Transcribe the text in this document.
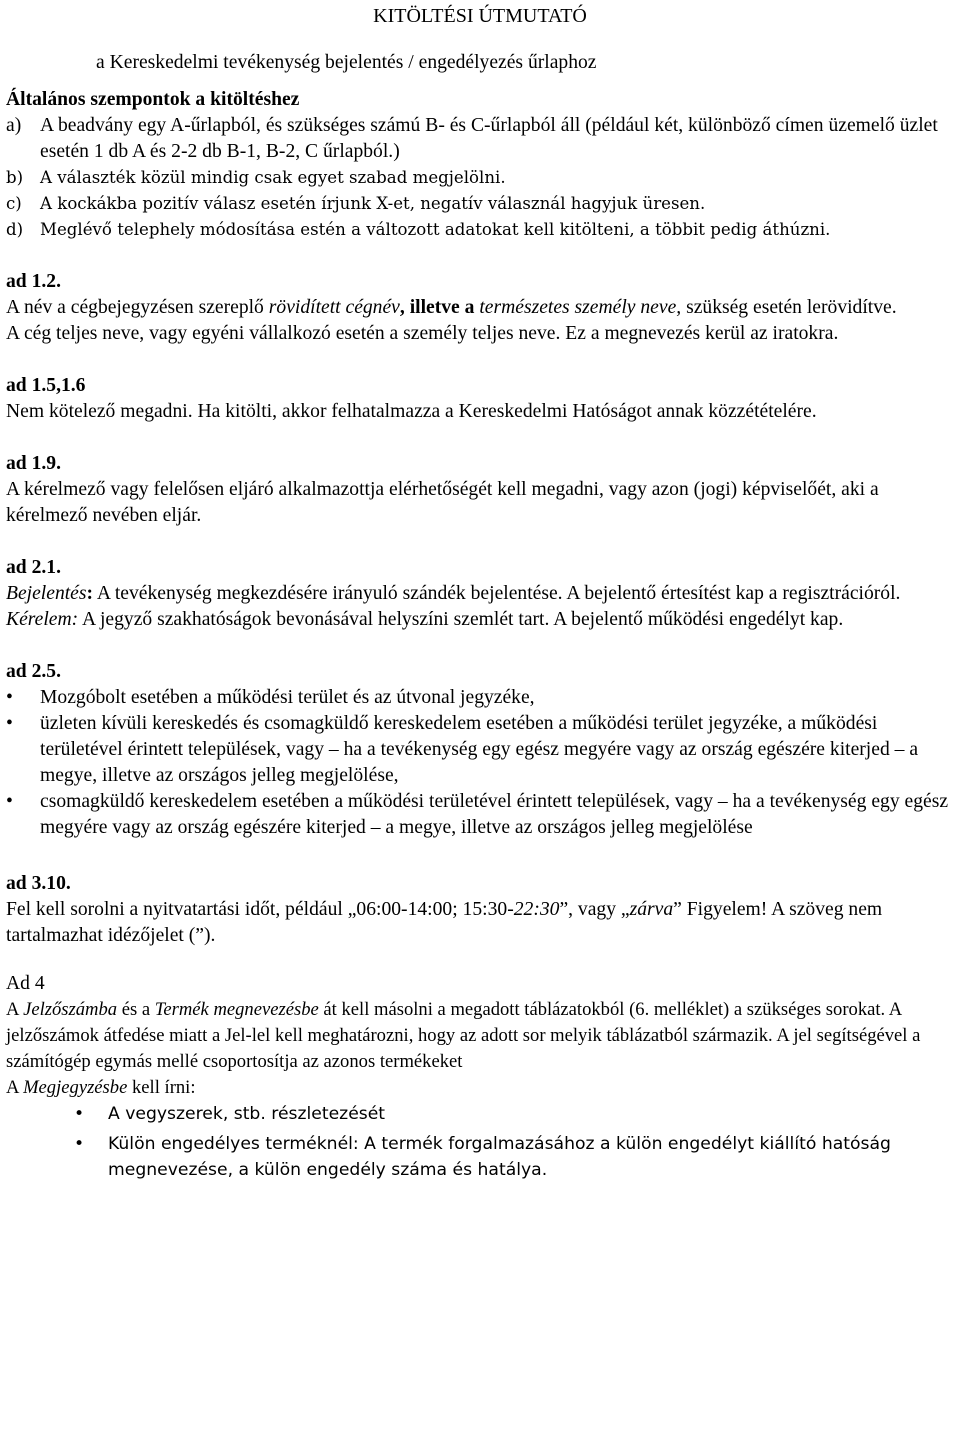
KITÖLTÉSI ÚTMUTATÓ

a Kereskedelmi tevékenység bejelentés / engedélyezés űrlaphoz

Általános szempontok a kitöltéshez

a) A beadvány egy A-űrlapból, és szükséges számú B- és C-űrlapból áll (például két, különböző címen üzemelő üzlet esetén 1 db A és 2-2 db B-1, B-2, C űrlapból.)
b)	A választék közül mindig csak egyet szabad megjelölni.
c)	A kockákba pozitív válasz esetén írjunk X-et, negatív válasznál hagyjuk üresen.
d)	Meglévő telephely módosítása estén a változott adatokat kell kitölteni, a többit pedig áthúzni.

ad 1.2.

A név a cégbejegyzésen szereplő rövidített cégnév, illetve a természetes személy neve, szükség esetén lerövidítve.

A cég teljes neve, vagy egyéni vállalkozó esetén a személy teljes neve. Ez a megnevezés kerül az iratokra.

ad 1.5,1.6

Nem kötelező megadni. Ha kitölti, akkor felhatalmazza a Kereskedelmi Hatóságot annak közzétételére.

ad 1.9.

A kérelmező vagy felelősen eljáró alkalmazottja elérhetőségét kell megadni, vagy azon (jogi) képviselőét, aki a kérelmező nevében eljár.

ad 2.1.

Bejelentés: A tevékenység megkezdésére irányuló szándék bejelentése. A bejelentő értesítést kap a regisztrációról.

Kérelem: A jegyző szakhatóságok bevonásával helyszíni szemlét tart. A bejelentő működési engedélyt kap.

ad 2.5.

•	Mozgóbolt esetében a működési terület és az útvonal jegyzéke,
•	üzleten kívüli kereskedés és csomagküldő kereskedelem esetében a működési terület jegyzéke, a működési területével érintett települések, vagy – ha a tevékenység egy egész megyére vagy az ország egészére kiterjed – a megye, illetve az országos jelleg megjelölése,
•	csomagküldő kereskedelem esetében a működési területével érintett települések, vagy – ha a tevékenység egy egész megyére vagy az ország egészére kiterjed – a megye, illetve az országos jelleg megjelölése

ad 3.10.

Fel kell sorolni a nyitvatartási időt, például „06:00-14:00; 15:30-22:30”, vagy „zárva” Figyelem! A szöveg nem tartalmazhat idézőjelet (”).

Ad 4

A Jelzőszámba és a Termék megnevezésbe át kell másolni a megadott táblázatokból (6. melléklet) a szükséges sorokat. A jelzőszámok átfedése miatt a Jel-lel kell meghatározni, hogy az adott sor melyik táblázatból származik. A jel segítségével a számítógép egymás mellé csoportosítja az azonos termékeket

A Megjegyzésbe kell írni:

•	A vegyszerek, stb. részletezését
•	Külön engedélyes terméknél: A termék forgalmazásához a külön engedélyt kiállító hatóság megnevezése, a külön engedély száma és hatálya.
